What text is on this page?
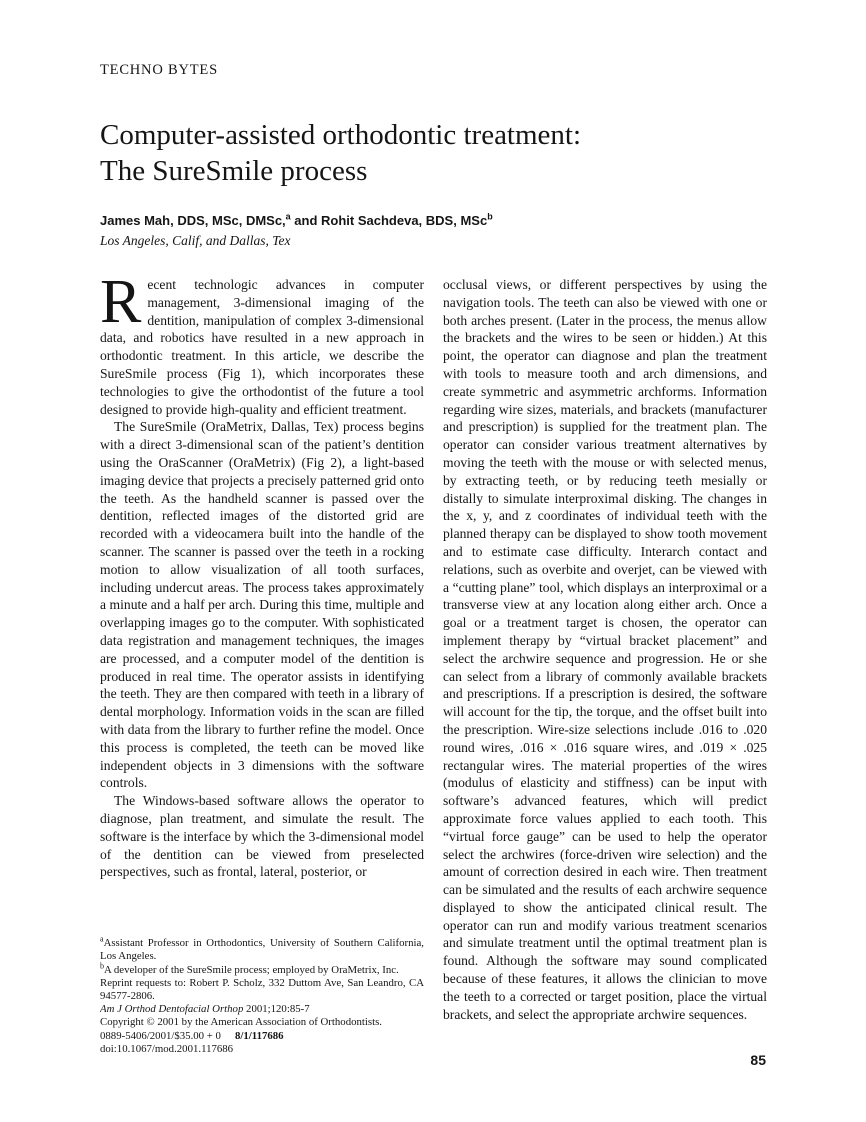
TECHNO BYTES
Computer-assisted orthodontic treatment:
The SureSmile process
James Mah, DDS, MSc, DMSc,$^a$ and Rohit Sachdeva, BDS, MSc$^b$
Los Angeles, Calif, and Dallas, Tex

Recent technologic advances in computer management, 3-dimensional imaging of the dentition, manipulation of complex 3-dimensional data, and robotics have resulted in a new approach in orthodontic treatment. In this article, we describe the SureSmile process (Fig 1), which incorporates these technologies to give the orthodontist of the future a tool designed to provide high-quality and efficient treatment.

The SureSmile (OraMetrix, Dallas, Tex) process begins with a direct 3-dimensional scan of the patient’s dentition using the OraScanner (OraMetrix) (Fig 2), a light-based imaging device that projects a precisely patterned grid onto the teeth. As the handheld scanner is passed over the dentition, reflected images of the distorted grid are recorded with a videocamera built into the handle of the scanner. The scanner is passed over the teeth in a rocking motion to allow visualization of all tooth surfaces, including undercut areas. The process takes approximately a minute and a half per arch. During this time, multiple and overlapping images go to the computer. With sophisticated data registration and management techniques, the images are processed, and a computer model of the dentition is produced in real time. The operator assists in identifying the teeth. They are then compared with teeth in a library of dental morphology. Information voids in the scan are filled with data from the library to further refine the model. Once this process is completed, the teeth can be moved like independent objects in 3 dimensions with the software controls.

The Windows-based software allows the operator to diagnose, plan treatment, and simulate the result. The software is the interface by which the 3-dimensional model of the dentition can be viewed from preselected perspectives, such as frontal, lateral, posterior, or

$^a$Assistant Professor in Orthodontics, University of Southern California, Los Angeles.

$^b$A developer of the SureSmile process; employed by OraMetrix, Inc.

Reprint requests to: Robert P. Scholz, 332 Duttom Ave, San Leandro, CA 94577-2806.

Am J Orthod Dentofacial Orthop 2001;120:85-7

Copyright © 2001 by the American Association of Orthodontists.

0889-5406/2001/$35.00 + 0 8/1/117686

doi:10.1067/mod.2001.117686

occlusal views, or different perspectives by using the navigation tools. The teeth can also be viewed with one or both arches present. (Later in the process, the menus allow the brackets and the wires to be seen or hidden.) At this point, the operator can diagnose and plan the treatment with tools to measure tooth and arch dimensions, and create symmetric and asymmetric archforms. Information regarding wire sizes, materials, and brackets (manufacturer and prescription) is supplied for the treatment plan. The operator can consider various treatment alternatives by moving the teeth with the mouse or with selected menus, by extracting teeth, or by reducing teeth mesially or distally to simulate interproximal disking. The changes in the x, y, and z coordinates of individual teeth with the planned therapy can be displayed to show tooth movement and to estimate case difficulty. Interarch contact and relations, such as overbite and overjet, can be viewed with a “cutting plane” tool, which displays an interproximal or a transverse view at any location along either arch. Once a goal or a treatment target is chosen, the operator can implement therapy by “virtual bracket placement” and select the archwire sequence and progression. He or she can select from a library of commonly available brackets and prescriptions. If a prescription is desired, the software will account for the tip, the torque, and the offset built into the prescription. Wire-size selections include .016 to .020 round wires, .016 × .016 square wires, and .019 × .025 rectangular wires. The material properties of the wires (modulus of elasticity and stiffness) can be input with software’s advanced features, which will predict approximate force values applied to each tooth. This “virtual force gauge” can be used to help the operator select the archwires (force-driven wire selection) and the amount of correction desired in each wire. Then treatment can be simulated and the results of each archwire sequence displayed to show the anticipated clinical result. The operator can run and modify various treatment scenarios and simulate treatment until the optimal treatment plan is found. Although the software may sound complicated because of these features, it allows the clinician to move the teeth to a corrected or target position, place the virtual brackets, and select the appropriate archwire sequences.

85
